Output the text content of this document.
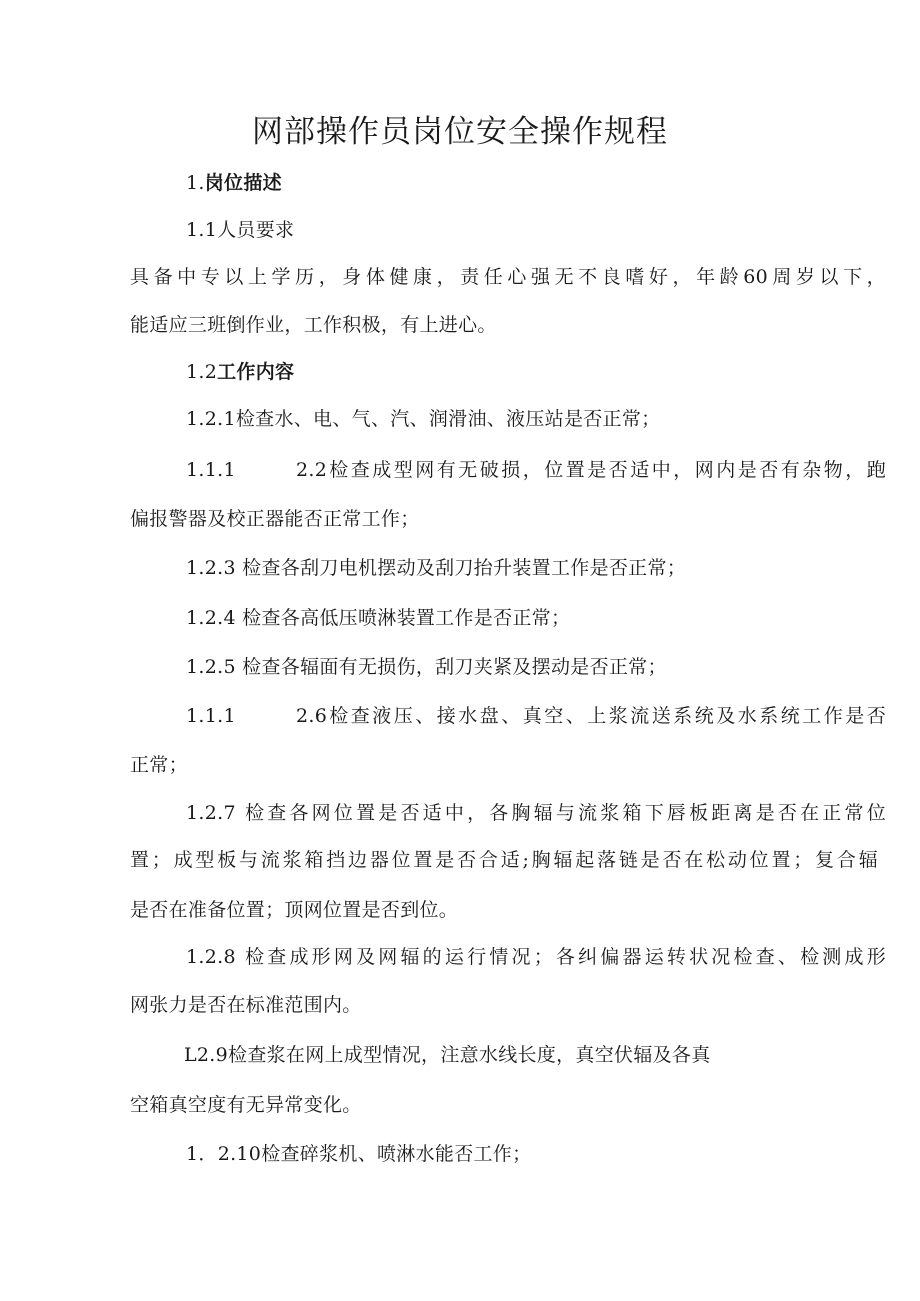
网部操作员岗位安全操作规程
1.岗位描述
1.1人员要求
具备中专以上学历，身体健康，责任心强无不良嗜好，年龄60周岁以下，
能适应三班倒作业，工作积极，有上进心。
1.2工作内容
1.2.1检查水、电、气、汽、润滑油、液压站是否正常；
1.1.1	2.2检查成型网有无破损，位置是否适中，网内是否有杂物，跑
偏报警器及校正器能否正常工作；
1.2.3 检查各刮刀电机摆动及刮刀抬升装置工作是否正常；
1.2.4 检查各高低压喷淋装置工作是否正常；
1.2.5 检查各辐面有无损伤，刮刀夹紧及摆动是否正常；
1.1.1	2.6检查液压、接水盘、真空、上浆流送系统及水系统工作是否
正常；
1.2.7 检查各网位置是否适中，各胸辐与流浆箱下唇板距离是否在正常位
置；成型板与流浆箱挡边器位置是否合适;胸辐起落链是否在松动位置；复合辐
是否在准备位置；顶网位置是否到位。
1.2.8 检查成形网及网辐的运行情况；各纠偏器运转状况检查、检测成形
网张力是否在标准范围内。
L2.9检查浆在网上成型情况，注意水线长度，真空伏辐及各真
空箱真空度有无异常变化。
1．2.10检查碎浆机、喷淋水能否工作；
